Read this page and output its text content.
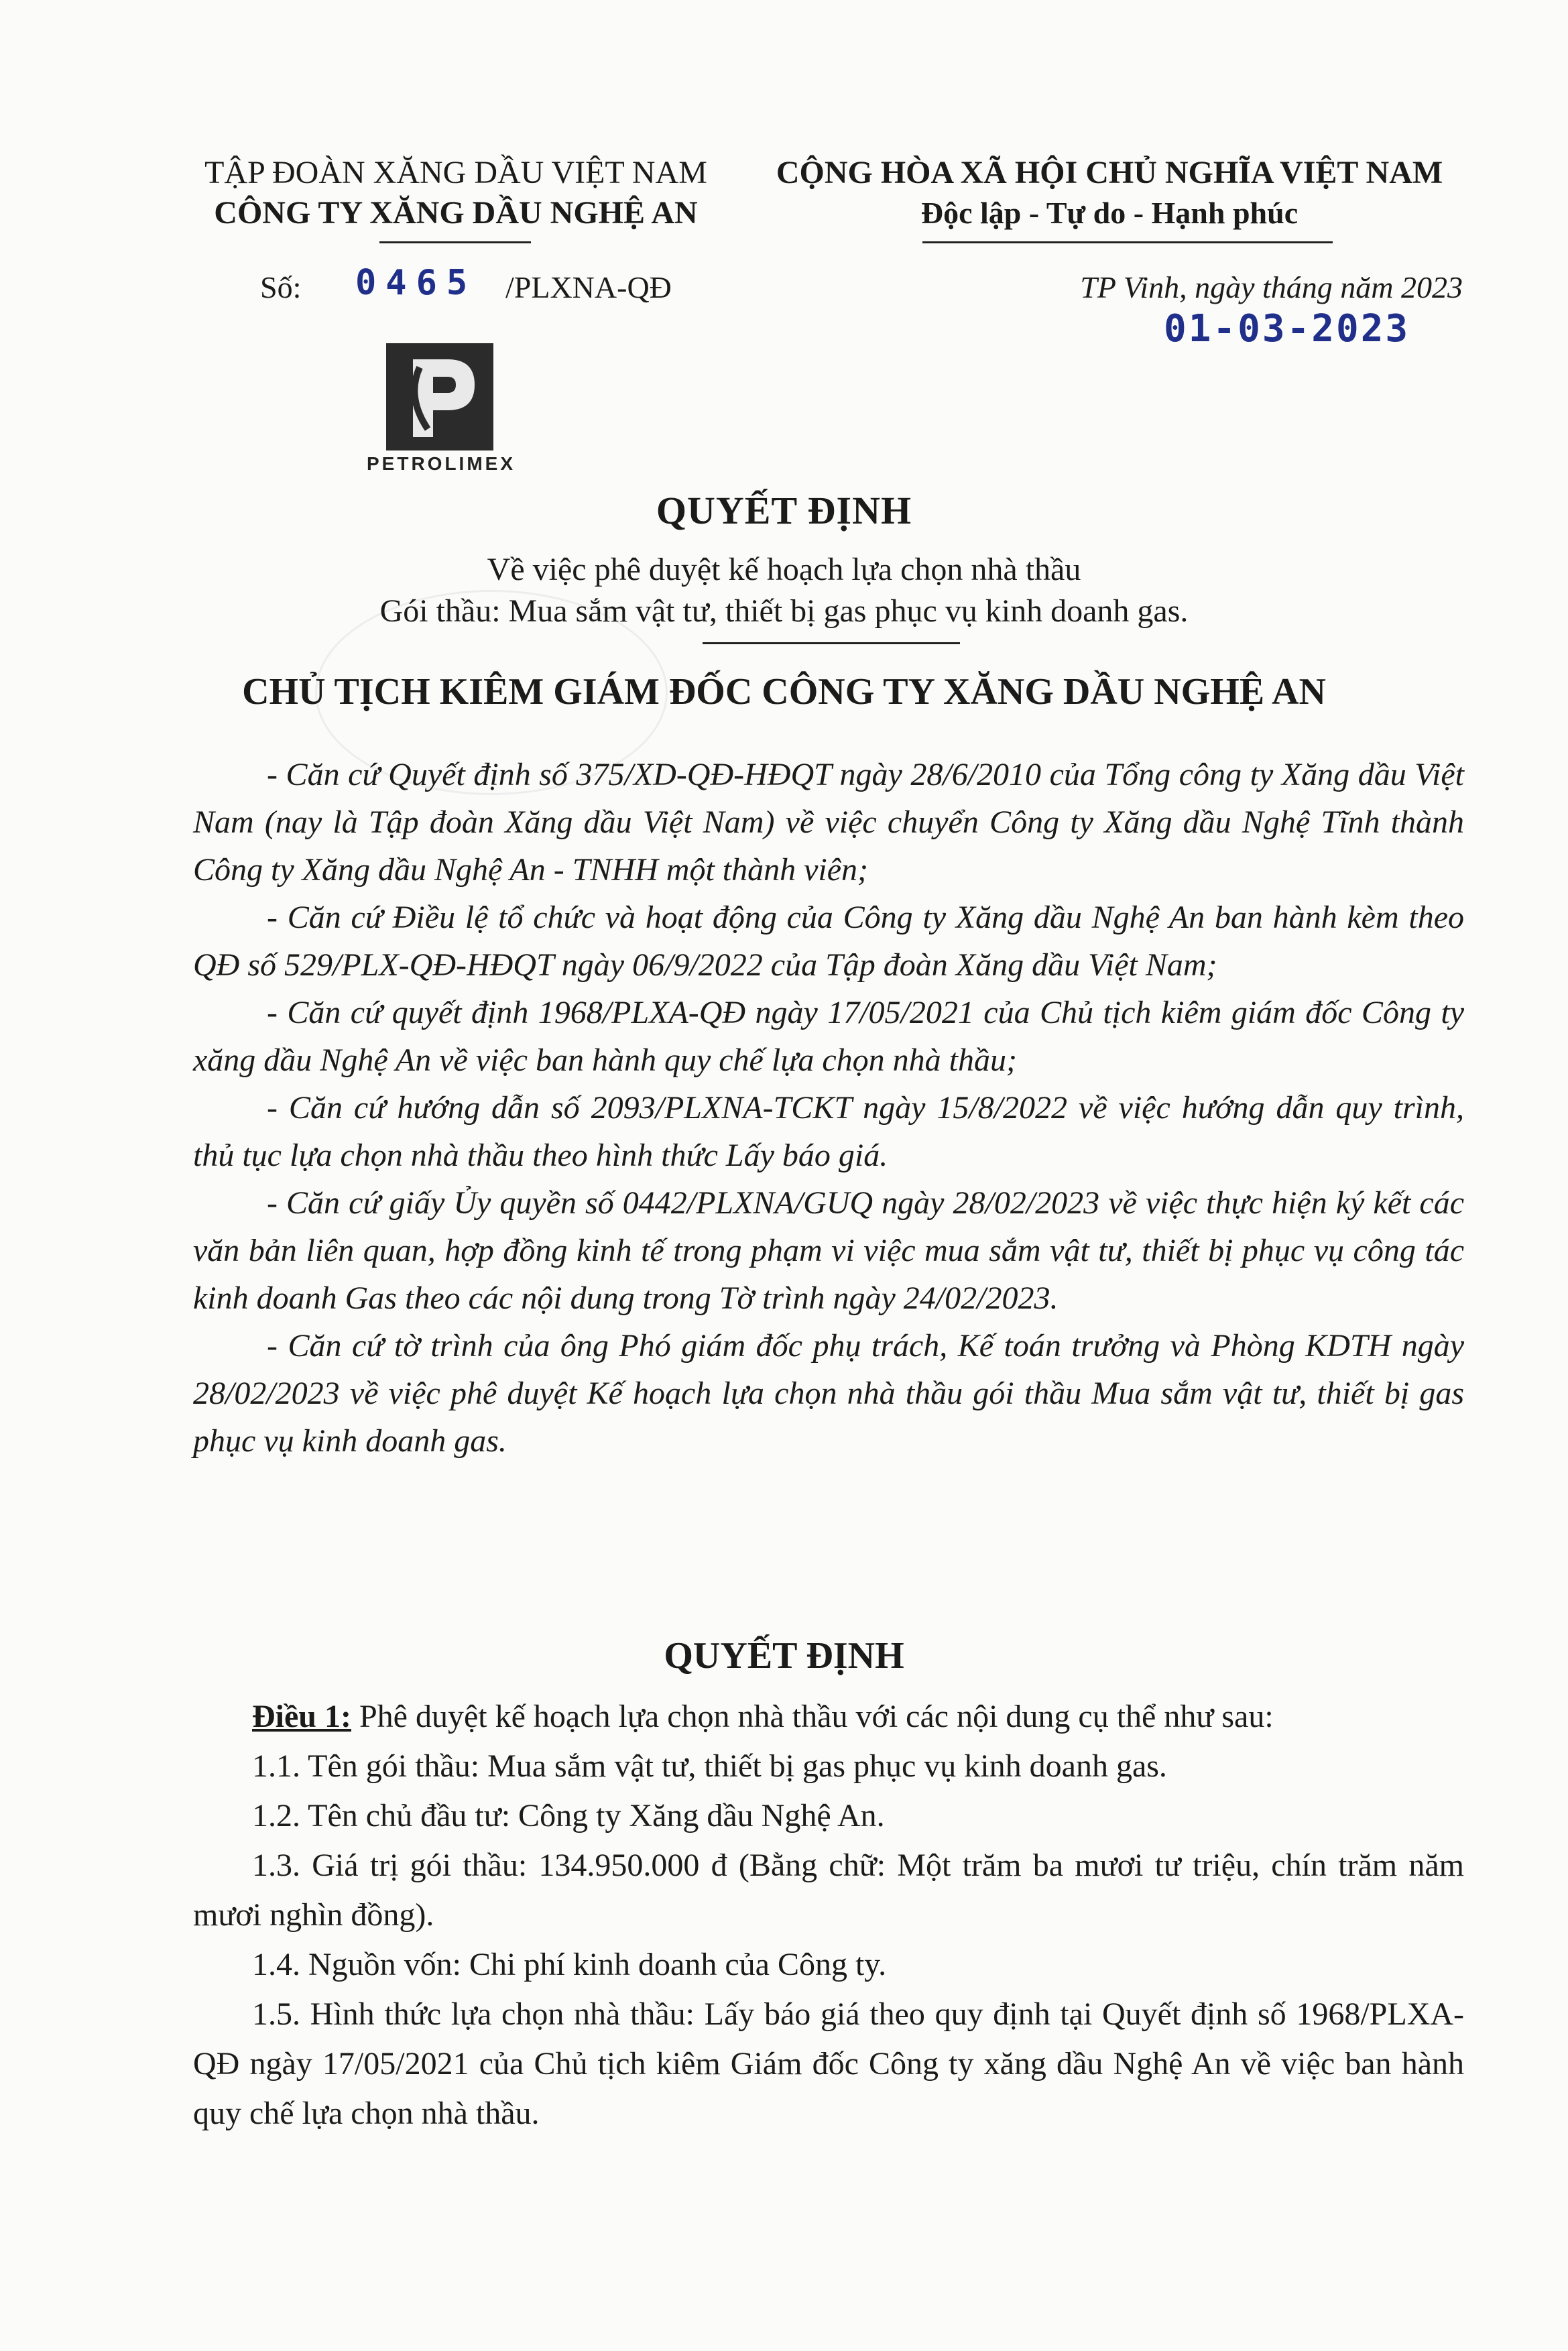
TẬP ĐOÀN XĂNG DẦU VIỆT NAM
CÔNG TY XĂNG DẦU NGHỆ AN
CỘNG HÒA XÃ HỘI CHỦ NGHĨA VIỆT NAM
Độc lập - Tự do - Hạnh phúc
Số: 0465 /PLXNA-QĐ	TP Vinh, ngày tháng năm 2023
01-03-2023
PETROLIMEX
QUYẾT ĐỊNH
Về việc phê duyệt kế hoạch lựa chọn nhà thầu
Gói thầu: Mua sắm vật tư, thiết bị gas phục vụ kinh doanh gas.
CHỦ TỊCH KIÊM GIÁM ĐỐC CÔNG TY XĂNG DẦU NGHỆ AN

- Căn cứ Quyết định số 375/XD-QĐ-HĐQT ngày 28/6/2010 của Tổng công ty Xăng dầu Việt Nam (nay là Tập đoàn Xăng dầu Việt Nam) về việc chuyển Công ty Xăng dầu Nghệ Tĩnh thành Công ty Xăng dầu Nghệ An - TNHH một thành viên;

- Căn cứ Điều lệ tổ chức và hoạt động của Công ty Xăng dầu Nghệ An ban hành kèm theo QĐ số 529/PLX-QĐ-HĐQT ngày 06/9/2022 của Tập đoàn Xăng dầu Việt Nam;

- Căn cứ quyết định 1968/PLXA-QĐ ngày 17/05/2021 của Chủ tịch kiêm giám đốc Công ty xăng dầu Nghệ An về việc ban hành quy chế lựa chọn nhà thầu;

- Căn cứ hướng dẫn số 2093/PLXNA-TCKT ngày 15/8/2022 về việc hướng dẫn quy trình, thủ tục lựa chọn nhà thầu theo hình thức Lấy báo giá.

- Căn cứ giấy Ủy quyền số 0442/PLXNA/GUQ ngày 28/02/2023 về việc thực hiện ký kết các văn bản liên quan, hợp đồng kinh tế trong phạm vi việc mua sắm vật tư, thiết bị phục vụ công tác kinh doanh Gas theo các nội dung trong Tờ trình ngày 24/02/2023.

- Căn cứ tờ trình của ông Phó giám đốc phụ trách, Kế toán trưởng và Phòng KDTH ngày 28/02/2023 về việc phê duyệt Kế hoạch lựa chọn nhà thầu gói thầu Mua sắm vật tư, thiết bị gas phục vụ kinh doanh gas.

QUYẾT ĐỊNH

Điều 1: Phê duyệt kế hoạch lựa chọn nhà thầu với các nội dung cụ thể như sau:

1.1. Tên gói thầu: Mua sắm vật tư, thiết bị gas phục vụ kinh doanh gas.

1.2. Tên chủ đầu tư: Công ty Xăng dầu Nghệ An.

1.3. Giá trị gói thầu: 134.950.000 đ (Bằng chữ: Một trăm ba mươi tư triệu, chín trăm năm mươi nghìn đồng).

1.4. Nguồn vốn: Chi phí kinh doanh của Công ty.

1.5. Hình thức lựa chọn nhà thầu: Lấy báo giá theo quy định tại Quyết định số 1968/PLXA-QĐ ngày 17/05/2021 của Chủ tịch kiêm Giám đốc Công ty xăng dầu Nghệ An về việc ban hành quy chế lựa chọn nhà thầu.
